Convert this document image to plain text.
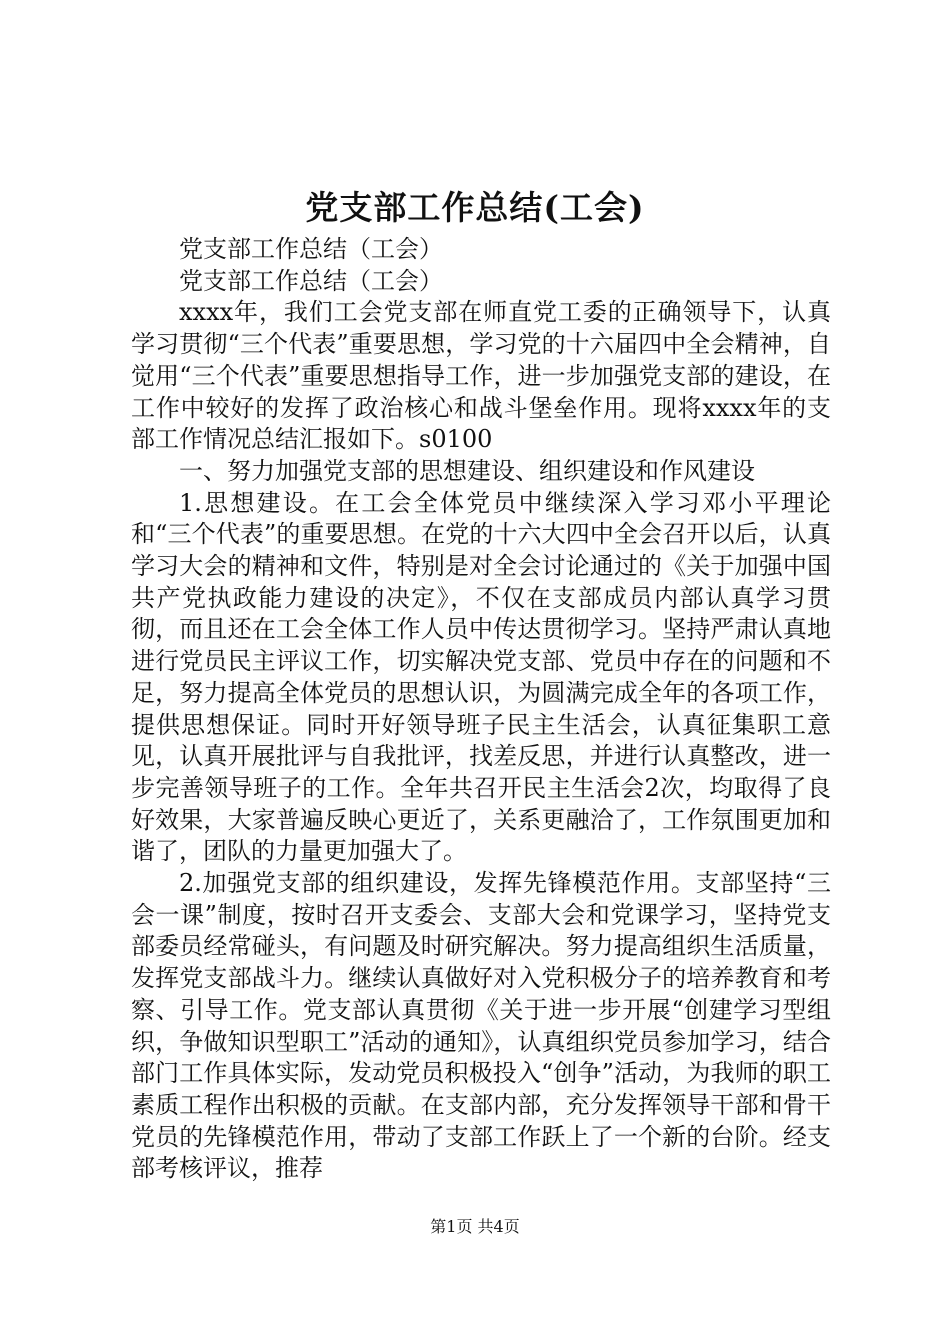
党支部工作总结(工会)

党支部工作总结（工会）

党支部工作总结（工会）

xxxx年，我们工会党支部在师直党工委的正确领导下，认真学习贯彻“三个代表”重要思想，学习党的十六届四中全会精神，自觉用“三个代表”重要思想指导工作，进一步加强党支部的建设，在工作中较好的发挥了政治核心和战斗堡垒作用。现将xxxx年的支部工作情况总结汇报如下。s0100

一、努力加强党支部的思想建设、组织建设和作风建设

1.思想建设。在工会全体党员中继续深入学习邓小平理论和“三个代表”的重要思想。在党的十六大四中全会召开以后，认真学习大会的精神和文件，特别是对全会讨论通过的《关于加强中国共产党执政能力建设的决定》，不仅在支部成员内部认真学习贯彻，而且还在工会全体工作人员中传达贯彻学习。坚持严肃认真地进行党员民主评议工作，切实解决党支部、党员中存在的问题和不足，努力提高全体党员的思想认识，为圆满完成全年的各项工作，提供思想保证。同时开好领导班子民主生活会，认真征集职工意见，认真开展批评与自我批评，找差反思，并进行认真整改，进一步完善领导班子的工作。全年共召开民主生活会2次，均取得了良好效果，大家普遍反映心更近了，关系更融洽了，工作氛围更加和谐了，团队的力量更加强大了。

2.加强党支部的组织建设，发挥先锋模范作用。支部坚持“三会一课”制度，按时召开支委会、支部大会和党课学习，坚持党支部委员经常碰头，有问题及时研究解决。努力提高组织生活质量，发挥党支部战斗力。继续认真做好对入党积极分子的培养教育和考察、引导工作。党支部认真贯彻《关于进一步开展“创建学习型组织，争做知识型职工”活动的通知》，认真组织党员参加学习，结合部门工作具体实际，发动党员积极投入“创争”活动，为我师的职工素质工程作出积极的贡献。在支部内部，充分发挥领导干部和骨干党员的先锋模范作用，带动了支部工作跃上了一个新的台阶。经支部考核评议，推荐

第1页 共4页
